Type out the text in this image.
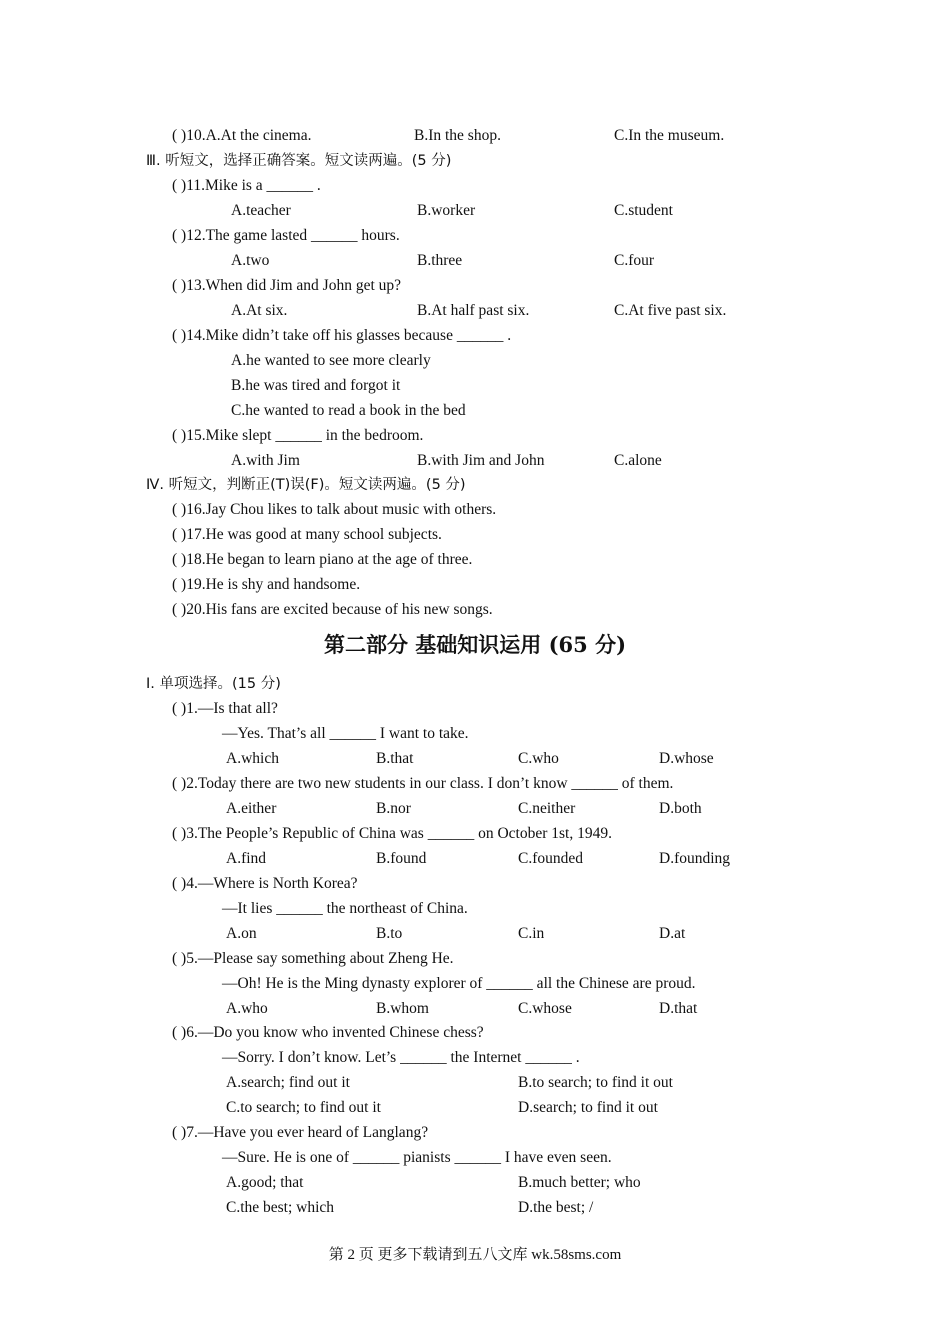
( )10.A.At the cinema.	B.In the shop.	C.In the museum.
Ⅲ. 听短文，选择正确答案。短文读两遍。(5 分)
( )11.Mike is a ______ .
A.teacher	B.worker	C.student
( )12.The game lasted ______ hours.
A.two	B.three	C.four
( )13.When did Jim and John get up?
A.At six.	B.At half past six.	C.At five past six.
( )14.Mike didn’t take off his glasses because ______ .
A.he wanted to see more clearly
B.he was tired and forgot it
C.he wanted to read a book in the bed
( )15.Mike slept ______ in the bedroom.
A.with Jim	B.with Jim and John	C.alone
Ⅳ. 听短文，判断正(T)误(F)。短文读两遍。(5 分)
( )16.Jay Chou likes to talk about music with others.
( )17.He was good at many school subjects.
( )18.He began to learn piano at the age of three.
( )19.He is shy and handsome.
( )20.His fans are excited because of his new songs.
Ⅰ. 单项选择。(15 分)
( )1.—Is that all?
—Yes. That’s all ______ I want to take.
A.which	B.that	C.who	D.whose
( )2.Today there are two new students in our class. I don’t know ______ of them.
A.either	B.nor	C.neither	D.both
( )3.The People’s Republic of China was ______ on October 1st, 1949.
A.find	B.found	C.founded	D.founding
( )4.—Where is North Korea?
—It lies ______ the northeast of China.
A.on	B.to	C.in	D.at
( )5.—Please say something about Zheng He.
—Oh! He is the Ming dynasty explorer of ______ all the Chinese are proud.
A.who	B.whom	C.whose	D.that
( )6.—Do you know who invented Chinese chess?
—Sorry. I don’t know. Let’s ______ the Internet ______ .
A.search; find out it	B.to search; to find it out
C.to search; to find out it	D.search; to find it out
( )7.—Have you ever heard of Langlang?
—Sure. He is one of ______ pianists ______ I have even seen.
A.good; that	B.much better; who
C.the best; which	D.the best; /
第二部分 基础知识运用 (65 分)
第 2 页 更多下载请到五八文库 wk.58sms.com
